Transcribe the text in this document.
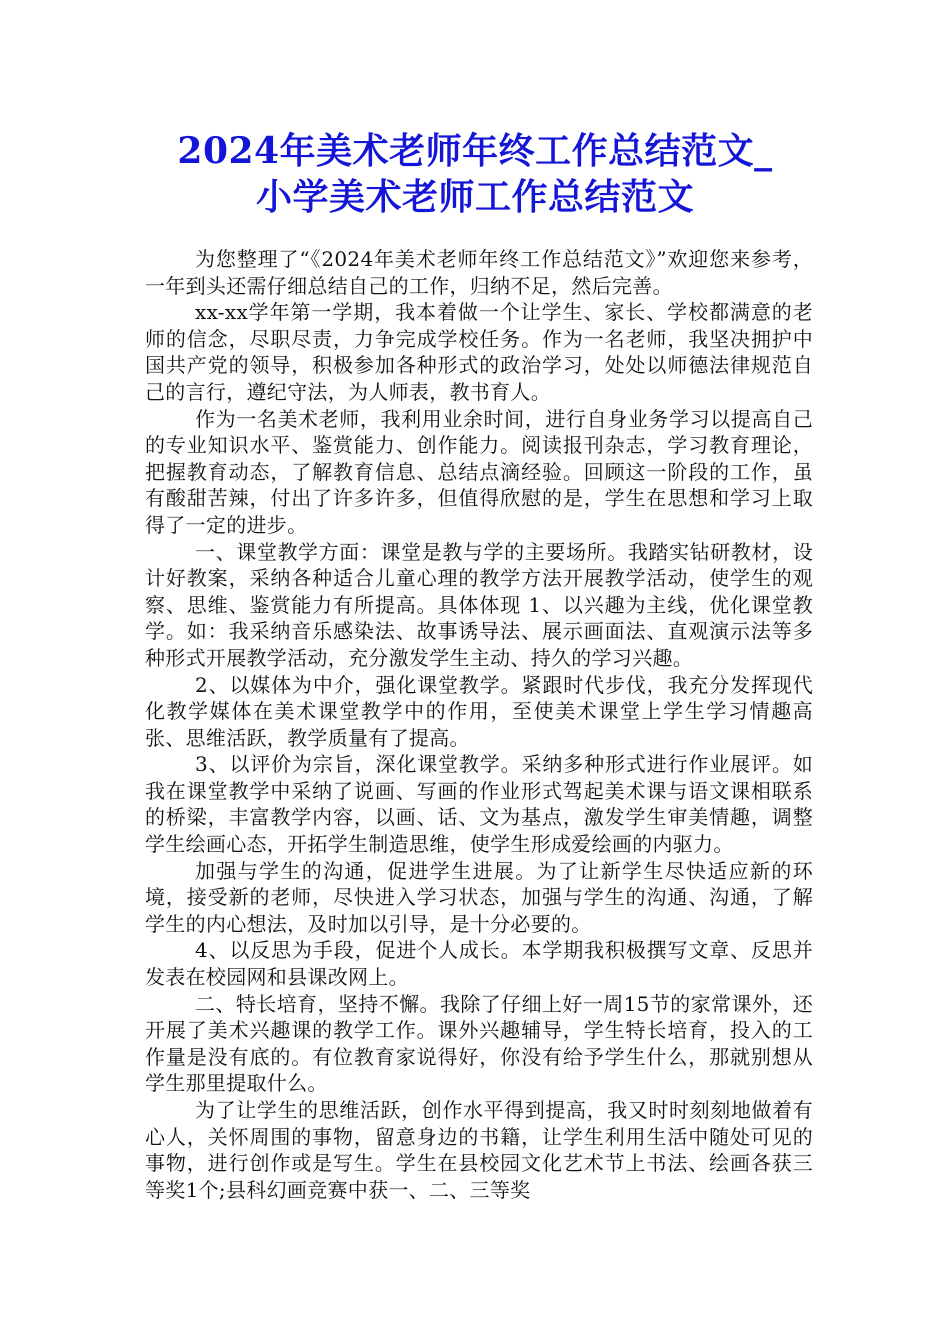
2024年美术老师年终工作总结范文_
小学美术老师工作总结范文

为您整理了“《2024年美术老师年终工作总结范文》”欢迎您来参考，一年到头还需仔细总结自己的工作，归纳不足，然后完善。

xx-xx学年第一学期，我本着做一个让学生、家长、学校都满意的老师的信念，尽职尽责，力争完成学校任务。作为一名老师，我坚决拥护中国共产党的领导，积极参加各种形式的政治学习，处处以师德法律规范自己的言行，遵纪守法，为人师表，教书育人。

作为一名美术老师，我利用业余时间，进行自身业务学习以提高自己的专业知识水平、鉴赏能力、创作能力。阅读报刊杂志，学习教育理论，把握教育动态，了解教育信息、总结点滴经验。回顾这一阶段的工作，虽有酸甜苦辣，付出了许多许多，但值得欣慰的是，学生在思想和学习上取得了一定的进步。

一、课堂教学方面：课堂是教与学的主要场所。我踏实钻研教材，设计好教案，采纳各种适合儿童心理的教学方法开展教学活动，使学生的观察、思维、鉴赏能力有所提高。具体体现 1、以兴趣为主线，优化课堂教学。如：我采纳音乐感染法、故事诱导法、展示画面法、直观演示法等多种形式开展教学活动，充分激发学生主动、持久的学习兴趣。

2、以媒体为中介，强化课堂教学。紧跟时代步伐，我充分发挥现代化教学媒体在美术课堂教学中的作用，至使美术课堂上学生学习情趣高张、思维活跃，教学质量有了提高。

3、以评价为宗旨，深化课堂教学。采纳多种形式进行作业展评。如我在课堂教学中采纳了说画、写画的作业形式驾起美术课与语文课相联系的桥梁，丰富教学内容，以画、话、文为基点，激发学生审美情趣，调整学生绘画心态，开拓学生制造思维，使学生形成爱绘画的内驱力。

加强与学生的沟通，促进学生进展。为了让新学生尽快适应新的环境，接受新的老师，尽快进入学习状态，加强与学生的沟通、沟通，了解学生的内心想法，及时加以引导，是十分必要的。

4、以反思为手段，促进个人成长。本学期我积极撰写文章、反思并发表在校园网和县课改网上。

二、特长培育，坚持不懈。我除了仔细上好一周15节的家常课外，还开展了美术兴趣课的教学工作。课外兴趣辅导，学生特长培育，投入的工作量是没有底的。有位教育家说得好，你没有给予学生什么，那就别想从学生那里提取什么。

为了让学生的思维活跃，创作水平得到提高，我又时时刻刻地做着有心人，关怀周围的事物，留意身边的书籍，让学生利用生活中随处可见的事物，进行创作或是写生。学生在县校园文化艺术节上书法、绘画各获三等奖1个;县科幻画竞赛中获一、二、三等奖
